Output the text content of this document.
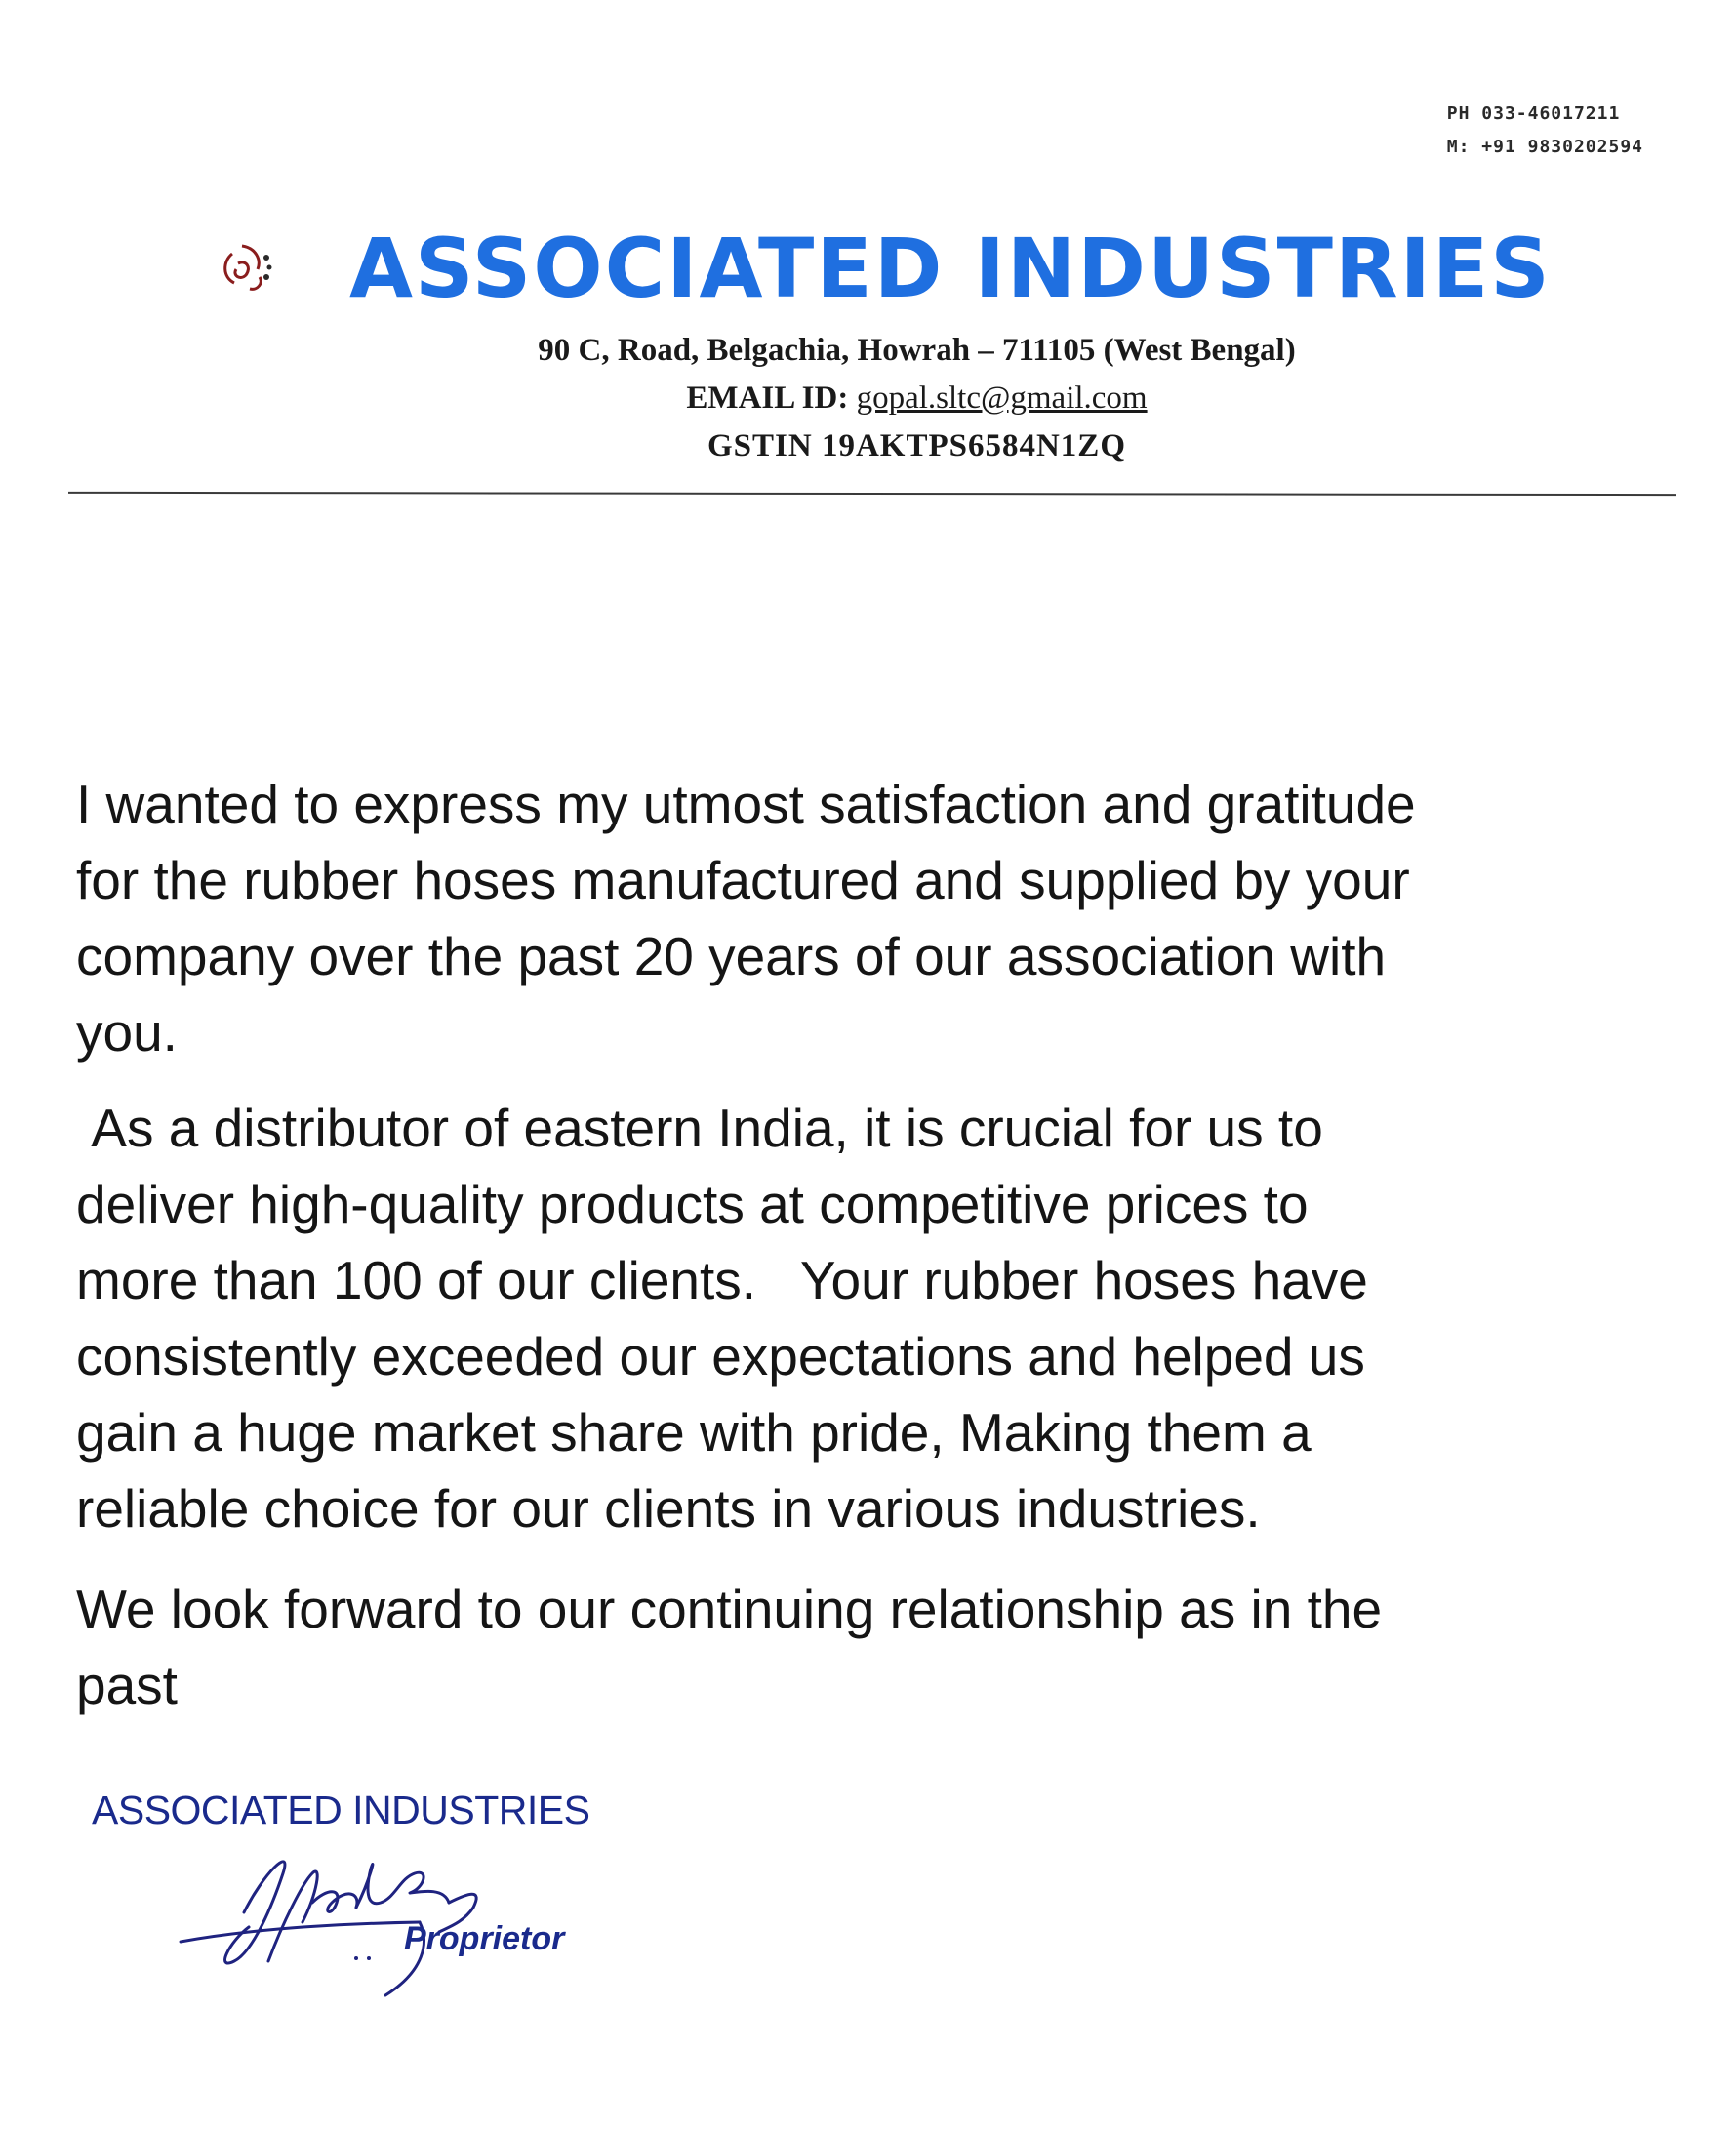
PH 033-46017211
M: +91 9830202594
ASSOCIATED INDUSTRIES
90 C, Road, Belgachia, Howrah – 711105 (West Bengal)
EMAIL ID: gopal.sltc@gmail.com
GSTIN 19AKTPS6584N1ZQ

I wanted to express my utmost satisfaction and gratitude
for the rubber hoses manufactured and supplied by your
company over the past 20 years of our association with
you.

As a distributor of eastern India, it is crucial for us to
deliver high-quality products at competitive prices to
more than 100 of our clients.   Your rubber hoses have
consistently exceeded our expectations and helped us
gain a huge market share with pride, Making them a
reliable choice for our clients in various industries.

We look forward to our continuing relationship as in the
past

ASSOCIATED INDUSTRIES
Proprietor
